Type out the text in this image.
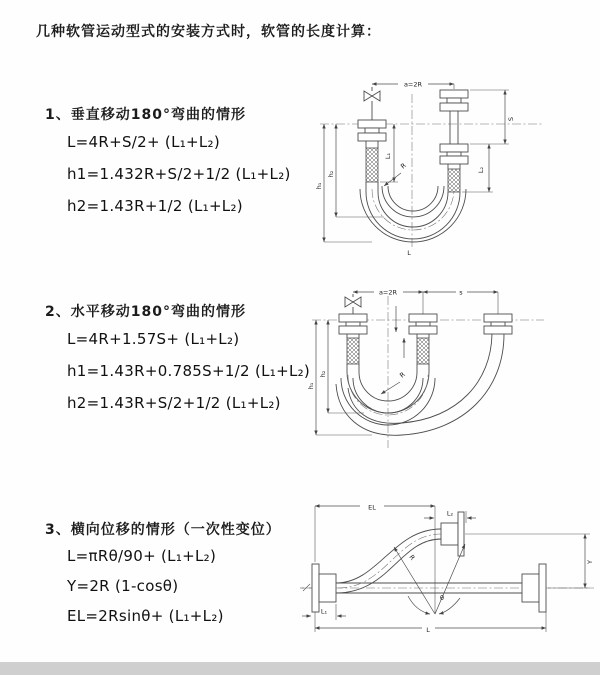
几种软管运动型式的安装方式时，软管的长度计算：
1、垂直移动180°弯曲的情形
L=4R+S/2+ (L₁+L₂)
h1=1.432R+S/2+1/2 (L₁+L₂)
h2=1.43R+1/2 (L₁+L₂)
2、水平移动180°弯曲的情形
L=4R+1.57S+ (L₁+L₂)
h1=1.43R+0.785S+1/2 (L₁+L₂)
h2=1.43R+S/2+1/2 (L₁+L₂)
3、横向位移的情形（一次性变位）
L=πRθ/90+ (L₁+L₂)
Y=2R (1-cosθ)
EL=2Rsinθ+ (L₁+L₂)
a=2R
h₁
h₂
L₁
S
L₂
R
L
a=2R	s
h₁
h₂	R
EL
L₂
Y
θ
R
L
L₁
